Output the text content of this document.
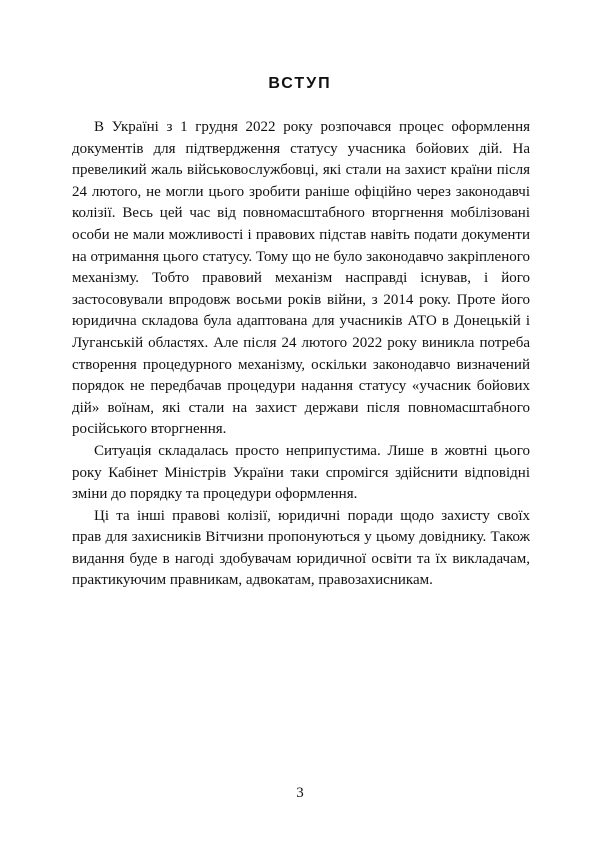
ВСТУП

В Україні з 1 грудня 2022 року розпочався процес оформлення документів для підтвердження статусу учасника бойових дій. На превеликий жаль військовослужбовці, які стали на захист країни після 24 лютого, не могли цього зробити раніше офіційно через законодавчі колізії. Весь цей час від повномасштабного вторгнення мобілізовані особи не мали можливості і правових підстав навіть подати документи на отримання цього статусу. Тому що не було законодавчо закріпленого механізму. Тобто правовий механізм насправді існував, і його застосовували впродовж восьми років війни, з 2014 року. Проте його юридична складова була адаптована для учасників АТО в Донецькій і Луганській областях. Але після 24 лютого 2022 року виникла потреба створення процедурного механізму, оскільки законодавчо визначений порядок не передбачав процедури надання статусу «учасник бойових дій» воїнам, які стали на захист держави після повномасштабного російського вторгнення.

Ситуація складалась просто неприпустима. Лише в жовтні цього року Кабінет Міністрів України таки спромігся здійснити відповідні зміни до порядку та процедури оформлення.

Ці та інші правові колізії, юридичні поради щодо захисту своїх прав для захисників Вітчизни пропонуються у цьому довіднику. Також видання буде в нагоді здобувачам юридичної освіти та їх викладачам, практикуючим правникам, адвокатам, правозахисникам.

3
